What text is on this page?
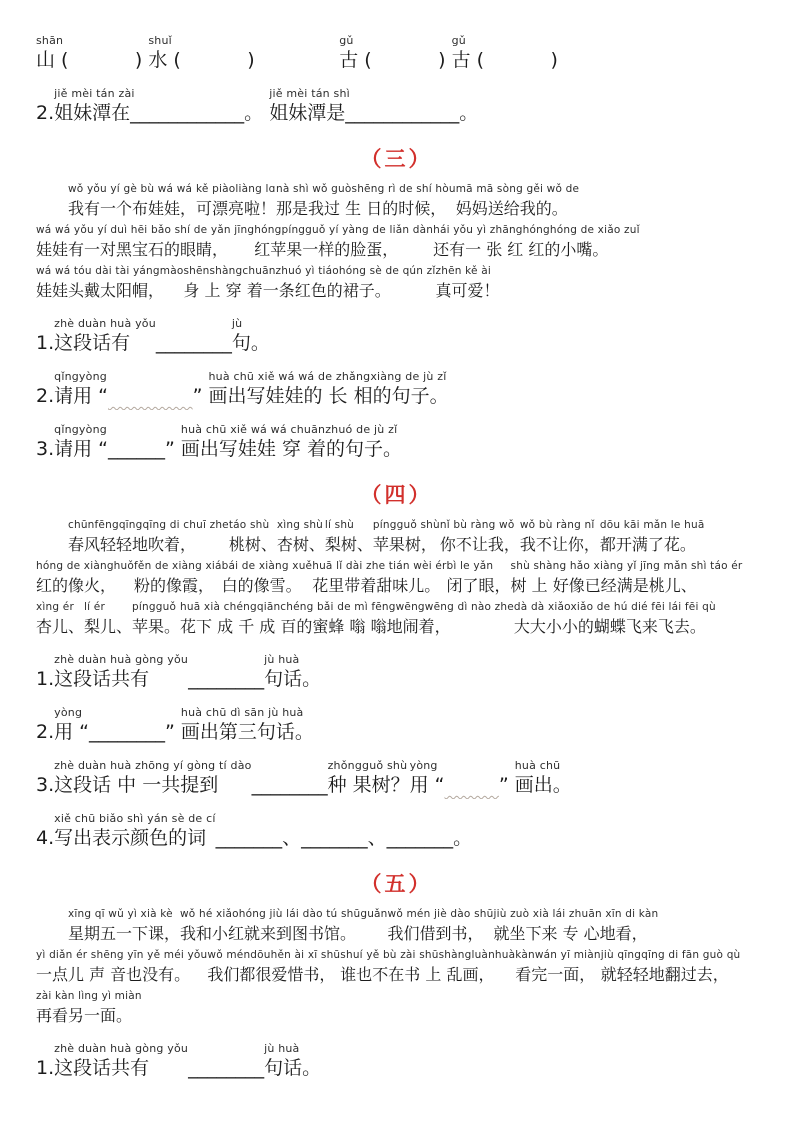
shān
山 (           )
shuǐ
水 (           )

gǔ
古 (           )
gǔ
古 (           )
2.
jiě mèi tán zài
姐妹潭在____________。
jiě mèi tán shì
姐妹潭是____________。
（三）
wǒ yǒu yí gè bù wá wá
我有一个布娃娃，
kě piàoliàng lɑ
可漂亮啦！
nà shì wǒ guòshēng rì de shí hòu
那是我过 生 日的时候，
mā mā sòng gěi wǒ de
妈妈送给我的。
wá wá yǒu yí duì hēi bǎo shí de yǎn jīng
娃娃有一对黑宝石的眼睛，
hóngpíngguǒ yí yàng de liǎn dàn
红苹果一样的脸蛋，
hái yǒu yì zhānghónghóng de xiǎo zuǐ
还有一 张 红 红的小嘴。
wá wá tóu dài tài yángmào
娃娃头戴太阳帽，
shēnshàngchuānzhuó yì tiáohóng sè de qún zǐ
身 上 穿 着一条红色的裙子。
zhēn kě ài
真可爱！
1.
zhè duàn huà yǒu
这段话有 ________
jù
句。
2.
qǐngyòng
请用 “
	”
huà chū xiě wá wá de zhǎngxiàng de jù zǐ
画出写娃娃的 长 相的句子。
3.
qǐngyòng
请用 “ ______ ”
huà chū xiě wá wá chuānzhuó de jù zǐ
画出写娃娃 穿 着的句子。
（四）
chūnfēngqīngqīng di chuī zhe
春风轻轻地吹着，
táo shù
桃树、
xìng shù
杏树、
lí shù
梨树、
píngguǒ shù
苹果树，
nǐ bù ràng wǒ
你不让我，
wǒ bù ràng nǐ
我不让你，
dōu kāi mǎn le huā
都开满了花。
hóng de xiànghuǒ
红的像火，
fěn de xiàng xiá
粉的像霞，
bái de xiàng xuě
白的像雪。
huā lǐ dài zhe tián wèi ér
花里带着甜味儿。
bì le yǎn
闭了眼，
shù shàng hǎo xiàng yǐ jīng mǎn shì táo ér
树 上 好像已经满是桃儿、
xìng ér
杏儿、
lí ér
梨儿、
píngguǒ
苹果。
huā xià chéngqiānchéng bǎi de mì fēngwēngwēng dì nào zhe
花下 成 千 成 百的蜜蜂 嗡 嗡地闹着，
dà dà xiǎoxiǎo de hú dié fēi lái fēi qù
大大小小的蝴蝶飞来飞去。
1.
zhè duàn huà gòng yǒu
这段话共有 ________
jù huà
句话。
2.
yòng
用 “ ________ ”
huà chū dì sān jù huà
画出第三句话。
3.
zhè duàn huà zhōng yí gòng tí dào
这段话 中 一共提到 ________
zhǒngguǒ shù
种 果树？
yòng
用 “
	”
huà chū
画出。
4.
xiě chū biǎo shì yán sè de cí
写出表示颜色的词 _______、_______、_______。
（五）
xīng qī wǔ yì xià kè
星期五一下课，
wǒ hé xiǎohóng jiù lái dào tú shūguǎn
我和小红就来到图书馆。
wǒ mén jiè dào shū
我们借到书，
jiù zuò xià lái zhuān xīn di kàn
就坐下来 专 心地看，
yì diǎn ér shēng yīn yě méi yǒu
一点儿 声 音也没有。
wǒ méndōuhěn ài xī shū
我们都很爱惜书，
shuí yě bù zài shūshàngluànhuà
谁也不在书 上 乱画，
kànwán yī miàn
看完一面，
jiù qīngqīng di fān guò qù
就轻轻地翻过去，
zài kàn lìng yì miàn
再看另一面。
1.
zhè duàn huà gòng yǒu
这段话共有 ________
jù huà
句话。
